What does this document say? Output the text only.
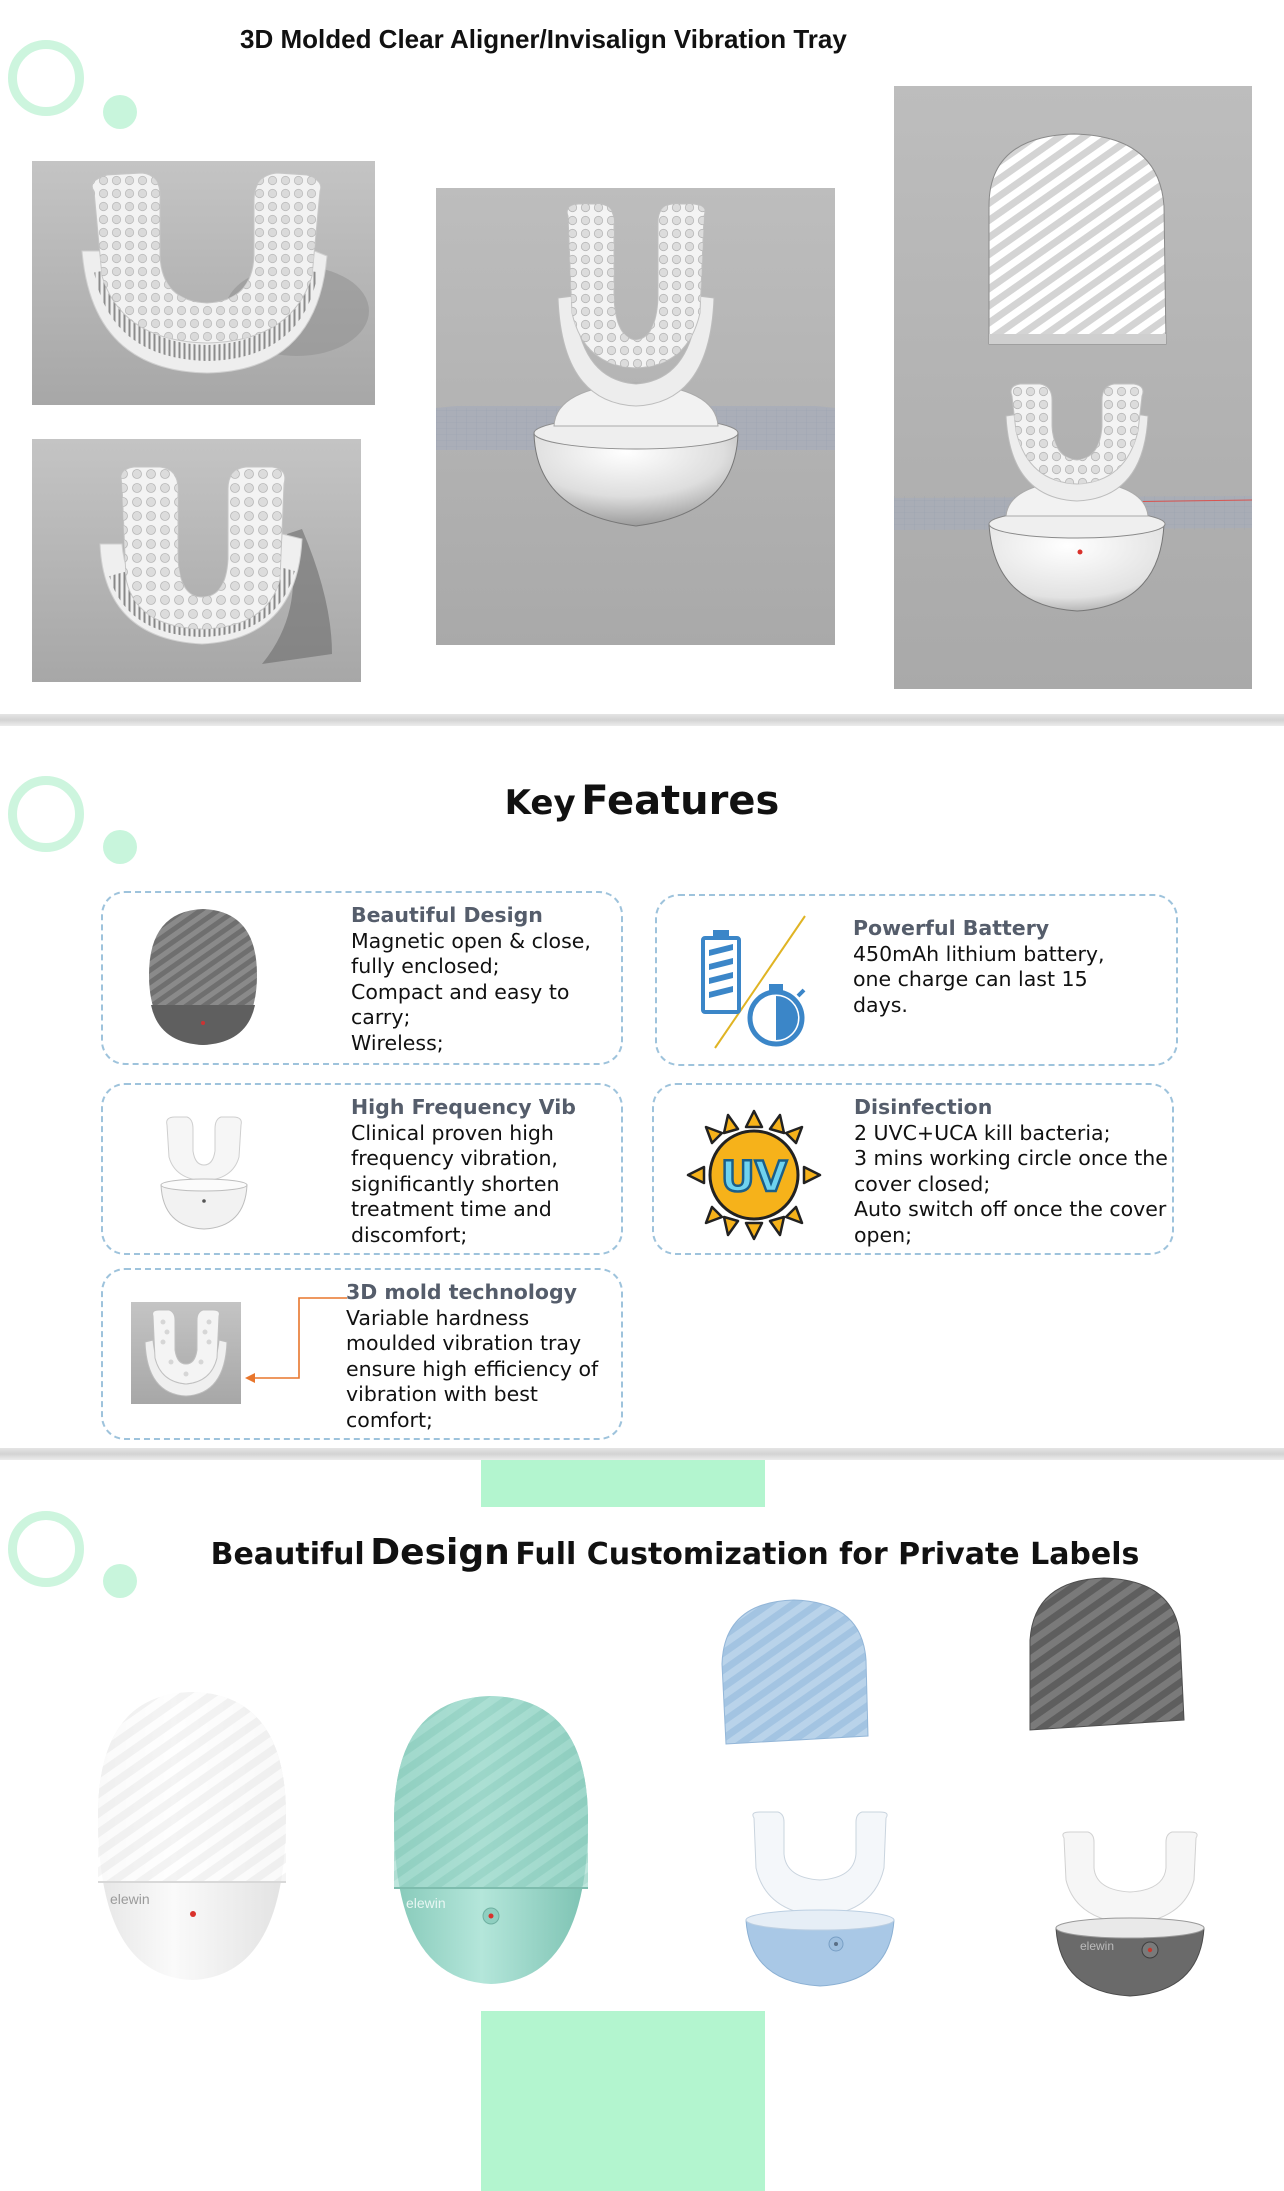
3D Molded Clear Aligner/Invisalign Vibration Tray
Key Features
Beautiful Design
Magnetic open & close,
fully enclosed;
Compact and easy to
carry;
Wireless;
Powerful Battery
450mAh lithium battery,
one charge can last 15
days.
High Frequency Vib
Clinical proven high
frequency vibration,
significantly shorten
treatment time and
discomfort;
UV
Disinfection
2 UVC+UCA kill bacteria;
3 mins working circle once the
cover closed;
Auto switch off once the cover
open;
3D mold technology
Variable hardness
moulded vibration tray
ensure high efficiency of
vibration with best
comfort;
Beautiful Design Full Customization for Private Labels
elewin	elewin
elewin
